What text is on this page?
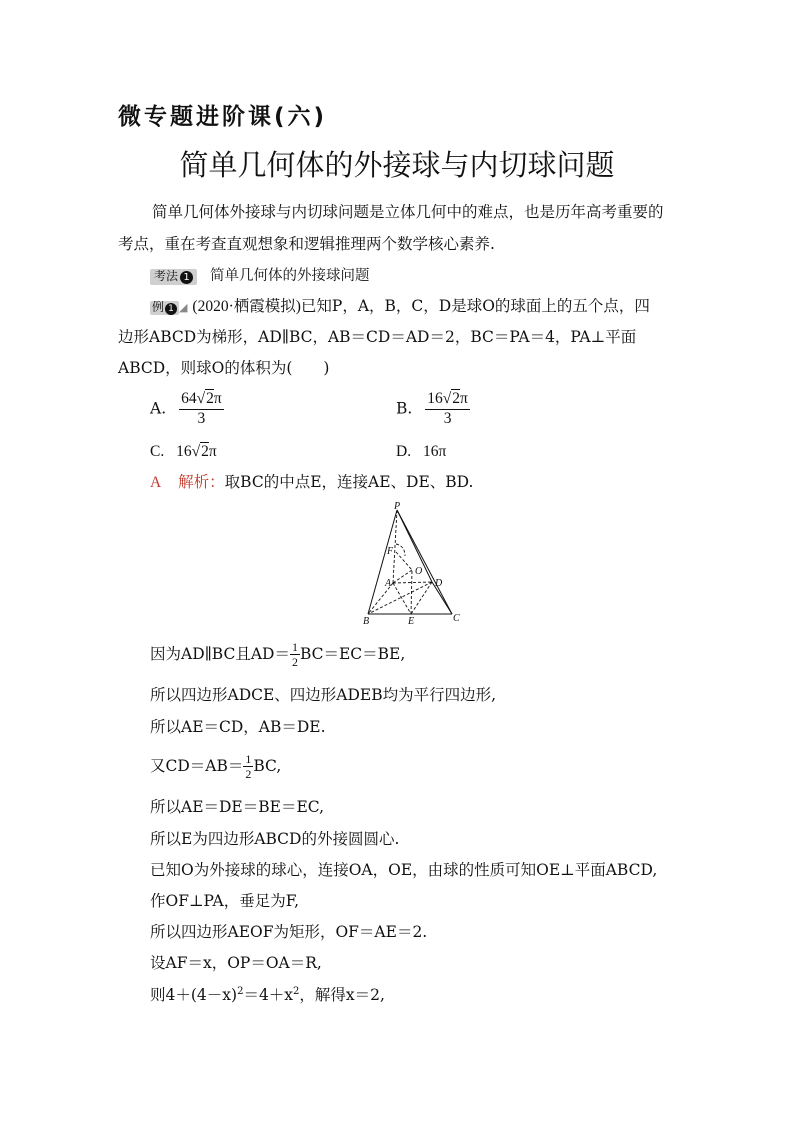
微专题进阶课(六)
简单几何体的外接球与内切球问题
简单几何体外接球与内切球问题是立体几何中的难点，也是历年高考重要的
考点，重在考查直观想象和逻辑推理两个数学核心素养.
考法 1 简单几何体的外接球问题
例 1 ◢ (2020·栖霞模拟)已知P，A，B，C，D是球O的球面上的五个点，四
边形ABCD为梯形，AD∥BC，AB＝CD＝AD＝2，BC＝PA＝4，PA⊥平面
ABCD，则球O的体积为(　　)
A. $\frac{64√2\pi}{3}$	B. $\frac{16√2\pi}{3}$
C. 16√2π	D. 16π
A 解析：取BC的中点E，连接AE、DE、BD.
P
F
O
A	D
B	E	C
因为AD∥BC且$AD= \frac{1}{2} BC=EC=BE$,
所以四边形ADCE、四边形ADEB均为平行四边形,
所以AE＝CD，AB＝DE.
又$CD=AB= \frac{1}{2}$ BC,
所以AE＝DE＝BE＝EC,
所以E为四边形ABCD的外接圆圆心.
已知O为外接球的球心，连接OA，OE，由球的性质可知OE⊥平面ABCD,
作OF⊥PA，垂足为F,
所以四边形AEOF为矩形，OF＝AE＝2.
设AF＝x，OP＝OA＝R,
则$4+(4-x)^2=4+x^2$，解得x＝2,
